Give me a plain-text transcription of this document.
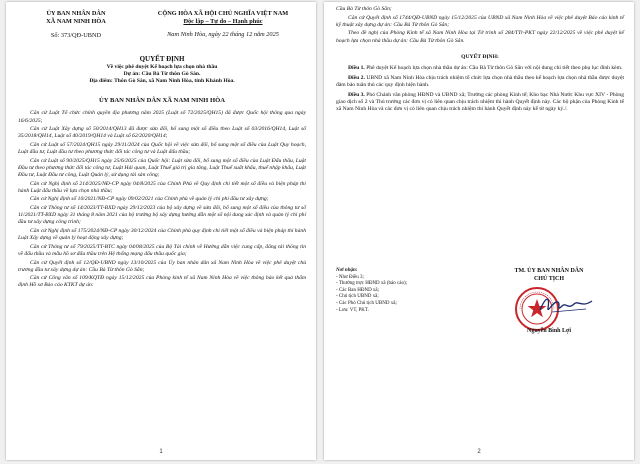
ỦY BAN NHÂN DÂN
XÃ NAM NINH HÒA
Số: 373/QĐ-UBND
CỘNG HÒA XÃ HỘI CHỦ NGHĨA VIỆT NAM
Độc lập – Tự do – Hạnh phúc
Nam Ninh Hòa, ngày 22 tháng 12 năm 2025
QUYẾT ĐỊNH
Về việc phê duyệt Kế hoạch lựa chọn nhà thầu
Dự án: Cầu Bà Từ thôn Gò Sắn.
Địa điểm: Thôn Gò Sắn, xã Nam Ninh Hòa, tỉnh Khánh Hòa.
ỦY BAN NHÂN DÂN XÃ NAM NINH HÒA

Căn cứ Luật Tổ chức chính quyền địa phương năm 2025 (Luật số 72/2025/QH15) đã được Quốc hội thông qua ngày 16/6/2025;

Căn cứ Luật Xây dựng số 50/2014/QH13 đã được sửa đổi, bổ sung một số điều theo Luật số 03/2016/QH14, Luật số 35/2018/QH14, Luật số 40/2019/QH14 và Luật số 62/2020/QH14;

Căn cứ Luật số 57/2024/QH15 ngày 29/11/2024 của Quốc hội về việc sửa đổi, bổ sung một số điều của Luật Quy hoạch, Luật đầu tư, Luật đầu tư theo phương thức đối tác công tư và Luật đấu thầu;

Căn cứ Luật số 90/2025/QH15 ngày 25/6/2025 của Quốc hội: Luật sửa đổi, bổ sung một số điều của Luật Đấu thầu, Luật Đầu tư theo phương thức đối tác công tư, Luật Hải quan, Luật Thuế giá trị gia tăng, Luật Thuế xuất khẩu, thuế nhập khẩu, Luật Đầu tư, Luật Đầu tư công, Luật Quản lý, sử dụng tài sản công;

Căn cứ Nghị định số 214/2025/NĐ-CP ngày 04/8/2025 của Chính Phủ về Quy định chi tiết một số điều và biện pháp thi hành Luật đấu thầu về lựa chọn nhà thầu;

Căn cứ Nghị định số 10/2021/NĐ-CP ngày 09/02/2021 của Chính phủ về quản lý chi phí đầu tư xây dựng;

Căn cứ Thông tư số 14/2023/TT-BXD ngày 29/12/2023 của bộ xây dựng về sửa đổi, bổ sung một số điều của thông tư số 11/2021/TT-BXD ngày 31 tháng 8 năm 2021 của bộ trưởng bộ xây dựng hướng dẫn một số nội dung xác định và quản lý chi phí đầu tư xây dựng công trình;

Căn cứ Nghị định số 175/2024/NĐ-CP ngày 30/12/2024 của Chính phủ quy định chi tiết một số điều và biện pháp thi hành Luật Xây dựng về quản lý hoạt động xây dựng;

Căn cứ Thông tư số 79/2025/TT-BTC ngày 04/08/2025 của Bộ Tài chính về Hướng dẫn việc cung cấp, đăng tải thông tin về đấu thầu và mẫu hồ sơ đấu thầu trên Hệ thống mạng đấu thầu quốc gia;

Căn cứ Quyết định số 12/QĐ-UBND ngày 13/10/2025 của Ủy ban nhân dân xã Nam Ninh Hòa về việc phê duyệt chủ trương đầu tư xây dựng dự án: Cầu Bà Từ thôn Gò Sắn;

Căn cứ Công văn số 109/KQTĐ ngày 15/12/2025 của Phòng kinh tế xã Nam Ninh Hòa về việc thông báo kết quả thẩm định Hồ sơ Báo cáo KTKT dự án:

1

Cầu Bà Từ thôn Gò Sắn;

Căn cứ Quyết định số 1744/QĐ-UBND ngày 15/12/2025 của UBND xã Nam Ninh Hòa về việc phê duyệt Báo cáo kinh tế kỹ thuật xây dựng dự án: Cầu Bà Từ thôn Gò Sắn;

Theo đề nghị của Phòng Kinh tế xã Nam Ninh Hòa tại Tờ trình số 284/TTr-PKT ngày 22/12/2025 về việc phê duyệt kế hoạch lựa chọn nhà thầu dự án: Cầu Bà Từ thôn Gò Sắn.

QUYẾT ĐỊNH:

Điều 1. Phê duyệt Kế hoạch lựa chọn nhà thầu dự án: Cầu Bà Từ thôn Gò Sắn với nội dung chi tiết theo phụ lục đính kèm.

Điều 2. UBND xã Nam Ninh Hòa chịu trách nhiệm tổ chức lựa chọn nhà thầu theo kế hoạch lựa chọn nhà thầu được duyệt đảm bảo tuân thủ các quy định hiện hành.

Điều 3. Phó Chánh văn phòng HĐND và UBND xã; Trưởng các phòng Kinh tế; Kho bạc Nhà Nước Khu vực XIV - Phòng giao dịch số 2 và Thủ trưởng các đơn vị có liên quan chịu trách nhiệm thi hành Quyết định này. Các bộ phận của Phòng Kinh tế xã Nam Ninh Hòa và các đơn vị có liên quan chịu trách nhiệm thi hành Quyết định này kể từ ngày ký./.

Nơi nhận:
- Như Điều 3;
- Thường trực HĐND xã (báo cáo);
- Các Ban HĐND xã;
- Chủ tịch UBND xã;
- Các Phó Chủ tịch UBND xã;
- Lưu: VT, PKT.
TM. ỦY BAN NHÂN DÂN
CHỦ TỊCH
Nguyễn Bình Lợi
2
